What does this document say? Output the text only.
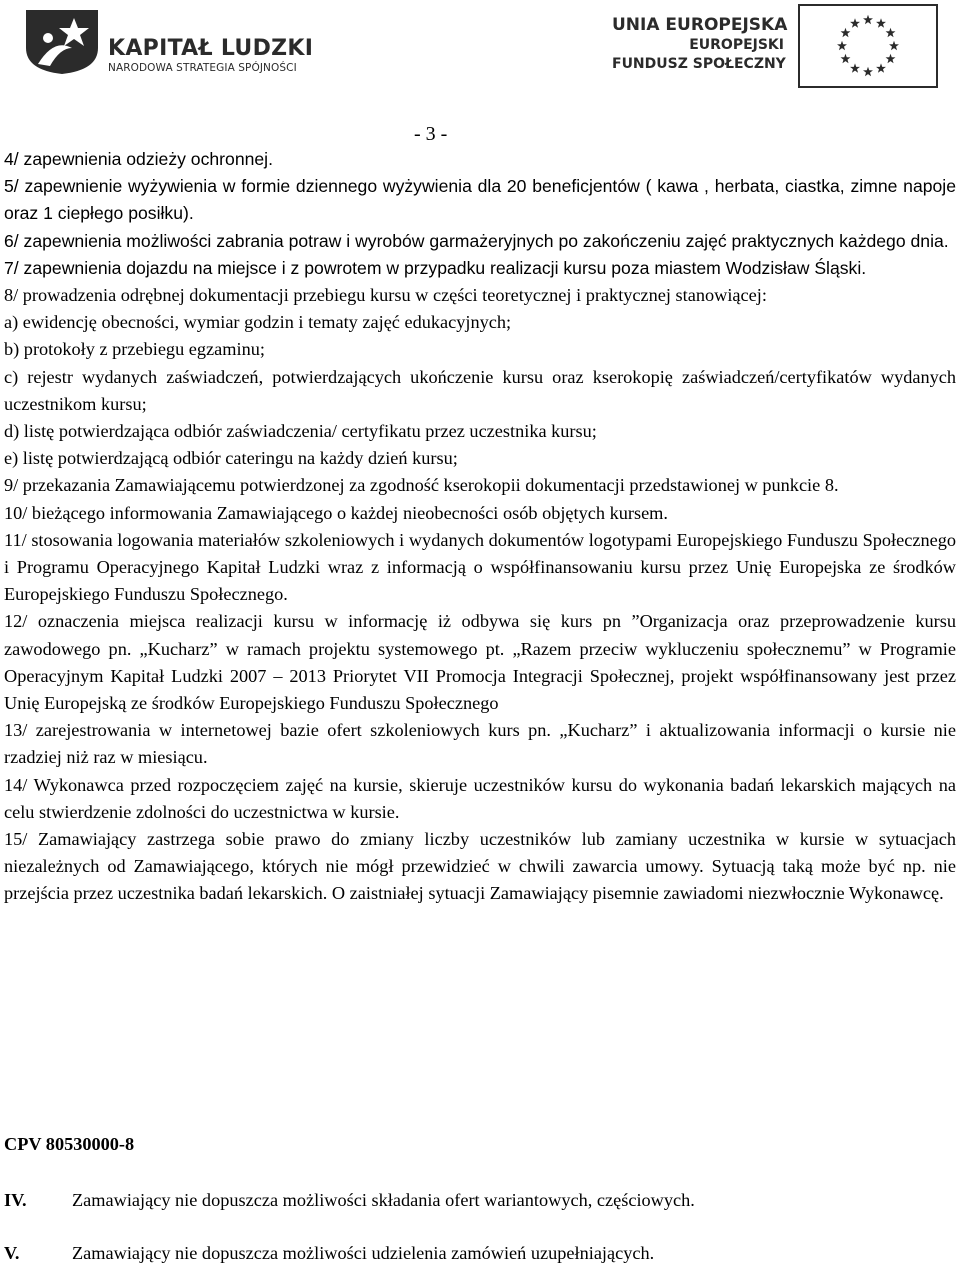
KAPITAŁ LUDZKI
NARODOWA STRATEGIA SPÓJNOŚCI
UNIA EUROPEJSKA
EUROPEJSKI
FUNDUSZ SPOŁECZNY
- 3 -

4/ zapewnienia odzieży ochronnej.

5/ zapewnienie wyżywienia w formie dziennego wyżywienia dla 20 beneficjentów ( kawa , herbata, ciastka, zimne napoje oraz 1 ciepłego posiłku).

6/ zapewnienia możliwości zabrania potraw i wyrobów garmażeryjnych po zakończeniu zajęć praktycznych każdego dnia.

7/ zapewnienia dojazdu na miejsce i z powrotem w przypadku realizacji kursu poza miastem Wodzisław Śląski.

8/ prowadzenia odrębnej dokumentacji przebiegu kursu w części teoretycznej i praktycznej stanowiącej:

a) ewidencję obecności, wymiar godzin i tematy zajęć edukacyjnych;

b) protokoły z przebiegu egzaminu;

c) rejestr wydanych zaświadczeń, potwierdzających ukończenie kursu oraz kserokopię zaświadczeń/certyfikatów wydanych uczestnikom kursu;

d) listę potwierdzająca odbiór zaświadczenia/ certyfikatu przez uczestnika kursu;

e) listę potwierdzającą odbiór cateringu na każdy dzień kursu;

9/ przekazania Zamawiającemu potwierdzonej za zgodność kserokopii dokumentacji przedstawionej w punkcie 8.

10/ bieżącego informowania Zamawiającego o każdej nieobecności osób objętych kursem.

11/ stosowania logowania materiałów szkoleniowych i wydanych dokumentów logotypami Europejskiego Funduszu Społecznego i Programu Operacyjnego Kapitał Ludzki wraz z informacją o współfinansowaniu kursu przez Unię Europejska ze środków Europejskiego Funduszu Społecznego.

12/ oznaczenia miejsca realizacji kursu w informację iż odbywa się kurs pn ”Organizacja oraz przeprowadzenie kursu zawodowego pn. „Kucharz” w ramach projektu systemowego pt. „Razem przeciw wykluczeniu społecznemu” w Programie Operacyjnym Kapitał Ludzki 2007 – 2013 Priorytet VII Promocja Integracji Społecznej, projekt współfinansowany jest przez Unię Europejską ze środków Europejskiego Funduszu Społecznego

13/ zarejestrowania w internetowej bazie ofert szkoleniowych kurs pn. „Kucharz” i aktualizowania informacji o kursie nie rzadziej niż raz w miesiącu.

14/ Wykonawca przed rozpoczęciem zajęć na kursie, skieruje uczestników kursu do wykonania badań lekarskich mających na celu stwierdzenie zdolności do uczestnictwa w kursie.

15/ Zamawiający zastrzega sobie prawo do zmiany liczby uczestników lub zamiany uczestnika w kursie w sytuacjach niezależnych od Zamawiającego, których nie mógł przewidzieć w chwili zawarcia umowy. Sytuacją taką może być np. nie przejścia przez uczestnika badań lekarskich. O zaistniałej sytuacji Zamawiający pisemnie zawiadomi niezwłocznie Wykonawcę.

CPV 80530000-8
IV. Zamawiający nie dopuszcza możliwości składania ofert wariantowych, częściowych.
V.	Zamawiający nie dopuszcza możliwości udzielenia zamówień uzupełniających.
